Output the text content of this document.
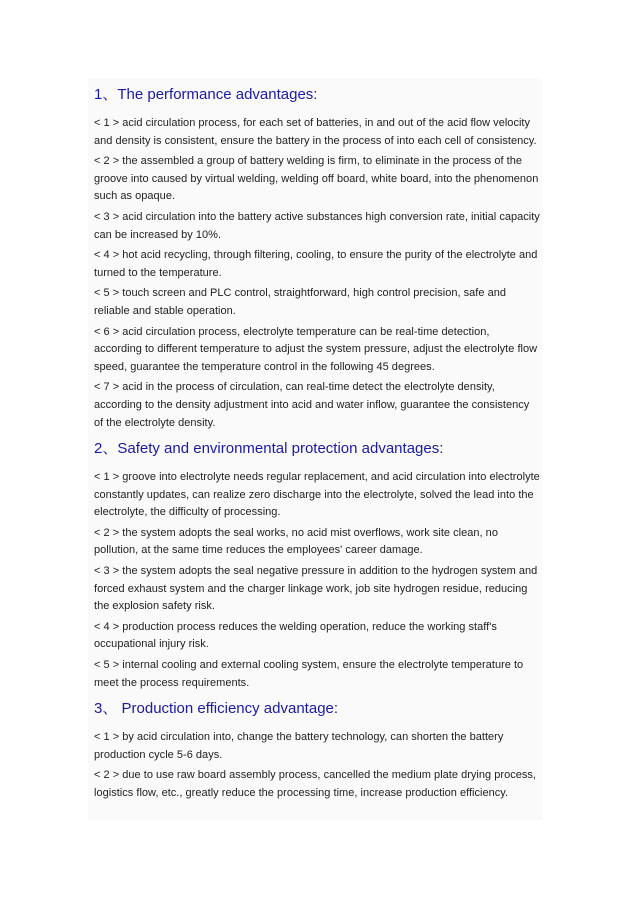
1、The performance advantages:

< 1 > acid circulation process, for each set of batteries, in and out of the acid flow velocity and density is consistent, ensure the battery in the process of into each cell of consistency.

< 2 > the assembled a group of battery welding is firm, to eliminate in the process of the groove into caused by virtual welding, welding off board, white board, into the phenomenon such as opaque.

< 3 > acid circulation into the battery active substances high conversion rate, initial capacity can be increased by 10%.

< 4 > hot acid recycling, through filtering, cooling, to ensure the purity of the electrolyte and turned to the temperature.

< 5 > touch screen and PLC control, straightforward, high control precision, safe and reliable and stable operation.

< 6 > acid circulation process, electrolyte temperature can be real-time detection, according to different temperature to adjust the system pressure, adjust the electrolyte flow speed, guarantee the temperature control in the following 45 degrees.

< 7 > acid in the process of circulation, can real-time detect the electrolyte density, according to the density adjustment into acid and water inflow, guarantee the consistency of the electrolyte density.

2、Safety and environmental protection advantages:

< 1 > groove into electrolyte needs regular replacement, and acid circulation into electrolyte constantly updates, can realize zero discharge into the electrolyte, solved the lead into the electrolyte, the difficulty of processing.

< 2 > the system adopts the seal works, no acid mist overflows, work site clean, no pollution, at the same time reduces the employees' career damage.

< 3 > the system adopts the seal negative pressure in addition to the hydrogen system and forced exhaust system and the charger linkage work, job site hydrogen residue, reducing the explosion safety risk.

< 4 > production process reduces the welding operation, reduce the working staff's occupational injury risk.

< 5 > internal cooling and external cooling system, ensure the electrolyte temperature to meet the process requirements.

3、 Production efficiency advantage:

< 1 > by acid circulation into, change the battery technology, can shorten the battery production cycle 5-6 days.

< 2 > due to use raw board assembly process, cancelled the medium plate drying process, logistics flow, etc., greatly reduce the processing time, increase production efficiency.
